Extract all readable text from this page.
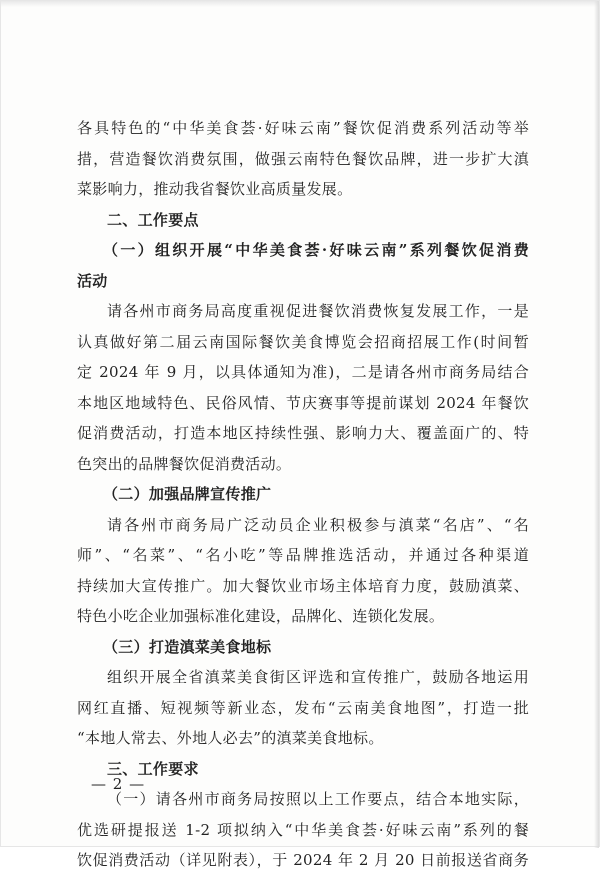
各具特色的“中华美食荟·好味云南”餐饮促消费系列活动等举
措，营造餐饮消费氛围，做强云南特色餐饮品牌，进一步扩大滇
菜影响力，推动我省餐饮业高质量发展。
二、工作要点
（一）组织开展“中华美食荟·好味云南”系列餐饮促消费
活动
请各州市商务局高度重视促进餐饮消费恢复发展工作，一是
认真做好第二届云南国际餐饮美食博览会招商招展工作(时间暂
定 2024 年 9 月，以具体通知为准)，二是请各州市商务局结合
本地区地域特色、民俗风情、节庆赛事等提前谋划 2024 年餐饮
促消费活动，打造本地区持续性强、影响力大、覆盖面广的、特
色突出的品牌餐饮促消费活动。
（二）加强品牌宣传推广
请各州市商务局广泛动员企业积极参与滇菜“名店”、“名
师”、“名菜”、“名小吃”等品牌推选活动，并通过各种渠道
持续加大宣传推广。加大餐饮业市场主体培育力度，鼓励滇菜、
特色小吃企业加强标准化建设，品牌化、连锁化发展。
（三）打造滇菜美食地标
组织开展全省滇菜美食街区评选和宣传推广，鼓励各地运用
网红直播、短视频等新业态，发布“云南美食地图”，打造一批
“本地人常去、外地人必去”的滇菜美食地标。
三、工作要求
（一）请各州市商务局按照以上工作要点，结合本地实际，
优选研提报送 1-2 项拟纳入“中华美食荟·好味云南”系列的餐
饮促消费活动（详见附表），于 2024 年 2 月 20 日前报送省商务
— 2 —
